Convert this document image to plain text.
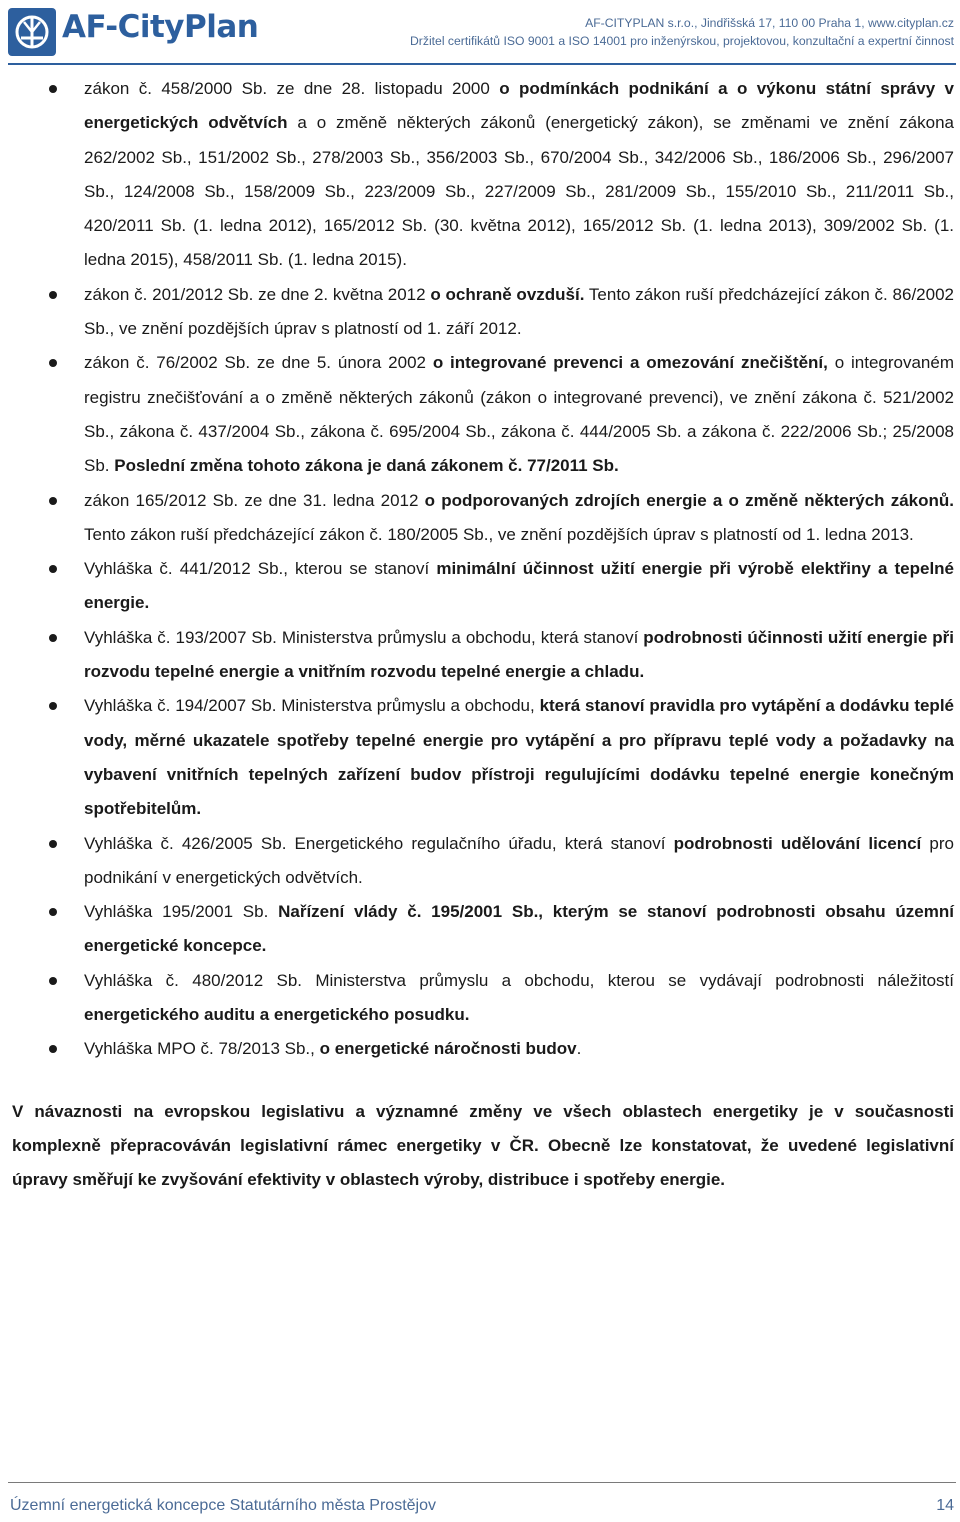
AF-CityPlan	AF-CITYPLAN s.r.o., Jindřišská 17, 110 00 Praha 1, www.cityplan.cz
Držitel certifikátů ISO 9001 a ISO 14001 pro inženýrskou, projektovou, konzultační a expertní činnost
zákon č. 458/2000 Sb. ze dne 28. listopadu 2000 o podmínkách podnikání a o výkonu státní správy v energetických odvětvích a o změně některých zákonů (energetický zákon), se změnami ve znění zákona 262/2002 Sb., 151/2002 Sb., 278/2003 Sb., 356/2003 Sb., 670/2004 Sb., 342/2006 Sb., 186/2006 Sb., 296/2007 Sb., 124/2008 Sb., 158/2009 Sb., 223/2009 Sb., 227/2009 Sb., 281/2009 Sb., 155/2010 Sb., 211/2011 Sb., 420/2011 Sb. (1. ledna 2012), 165/2012 Sb. (30. května 2012), 165/2012 Sb. (1. ledna 2013), 309/2002 Sb. (1. ledna 2015), 458/2011 Sb. (1. ledna 2015).
zákon č. 201/2012 Sb. ze dne 2. května 2012 o ochraně ovzduší. Tento zákon ruší předcházející zákon č. 86/2002 Sb., ve znění pozdějších úprav s platností od 1. září 2012.
zákon č. 76/2002 Sb. ze dne 5. února 2002 o integrované prevenci a omezování znečištění, o integrovaném registru znečišťování a o změně některých zákonů (zákon o integrované prevenci), ve znění zákona č. 521/2002 Sb., zákona č. 437/2004 Sb., zákona č. 695/2004 Sb., zákona č. 444/2005 Sb. a zákona č. 222/2006 Sb.; 25/2008 Sb. Poslední změna tohoto zákona je daná zákonem č. 77/2011 Sb.
zákon 165/2012 Sb. ze dne 31. ledna 2012 o podporovaných zdrojích energie a o změně některých zákonů. Tento zákon ruší předcházející zákon č. 180/2005 Sb., ve znění pozdějších úprav s platností od 1. ledna 2013.
Vyhláška č. 441/2012 Sb., kterou se stanoví minimální účinnost užití energie při výrobě elektřiny a tepelné energie.
Vyhláška č. 193/2007 Sb. Ministerstva průmyslu a obchodu, která stanoví podrobnosti účinnosti užití energie při rozvodu tepelné energie a vnitřním rozvodu tepelné energie a chladu.
Vyhláška č. 194/2007 Sb. Ministerstva průmyslu a obchodu, která stanoví pravidla pro vytápění a dodávku teplé vody, měrné ukazatele spotřeby tepelné energie pro vytápění a pro přípravu teplé vody a požadavky na vybavení vnitřních tepelných zařízení budov přístroji regulujícími dodávku tepelné energie konečným spotřebitelům.
Vyhláška č. 426/2005 Sb. Energetického regulačního úřadu, která stanoví podrobnosti udělování licencí pro podnikání v energetických odvětvích.
Vyhláška 195/2001 Sb. Nařízení vlády č. 195/2001 Sb., kterým se stanoví podrobnosti obsahu územní energetické koncepce.
Vyhláška č. 480/2012 Sb. Ministerstva průmyslu a obchodu, kterou se vydávají podrobnosti náležitostí energetického auditu a energetického posudku.
Vyhláška MPO č. 78/2013 Sb., o energetické náročnosti budov.

V návaznosti na evropskou legislativu a významné změny ve všech oblastech energetiky je v současnosti komplexně přepracováván legislativní rámec energetiky v ČR. Obecně lze konstatovat, že uvedené legislativní úpravy směřují ke zvyšování efektivity v oblastech výroby, distribuce i spotřeby energie.

Územní energetická koncepce Statutárního města Prostějov	14
